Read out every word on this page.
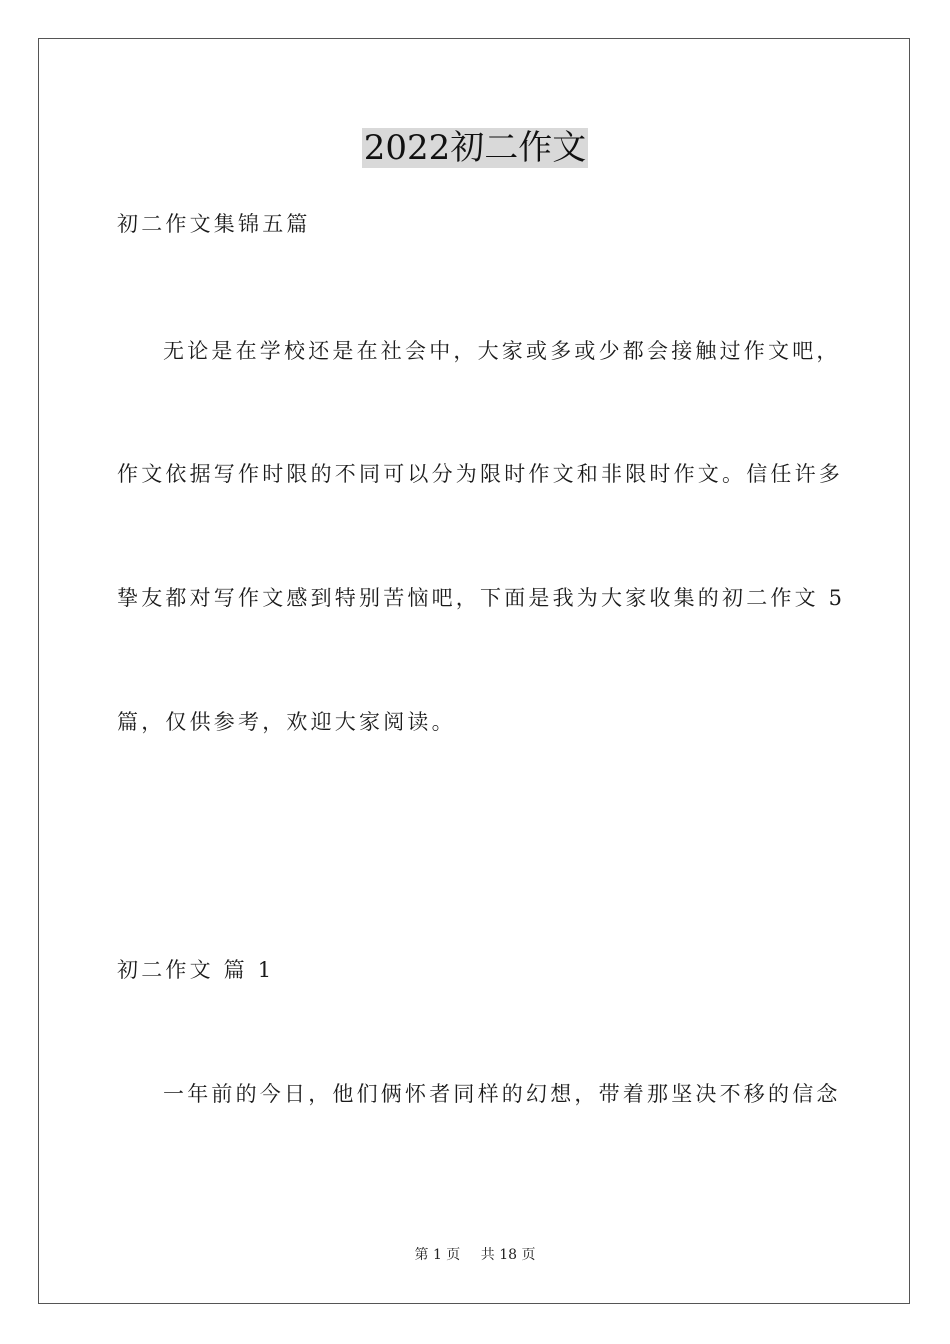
2022初二作文
初二作文集锦五篇
无论是在学校还是在社会中，大家或多或少都会接触过作文吧，
作文依据写作时限的不同可以分为限时作文和非限时作文。信任许多
挚友都对写作文感到特别苦恼吧，下面是我为大家收集的初二作文 5
篇，仅供参考，欢迎大家阅读。
初二作文 篇 1
一年前的今日，他们俩怀者同样的幻想，带着那坚决不移的信念
第 1 页 共 18 页
